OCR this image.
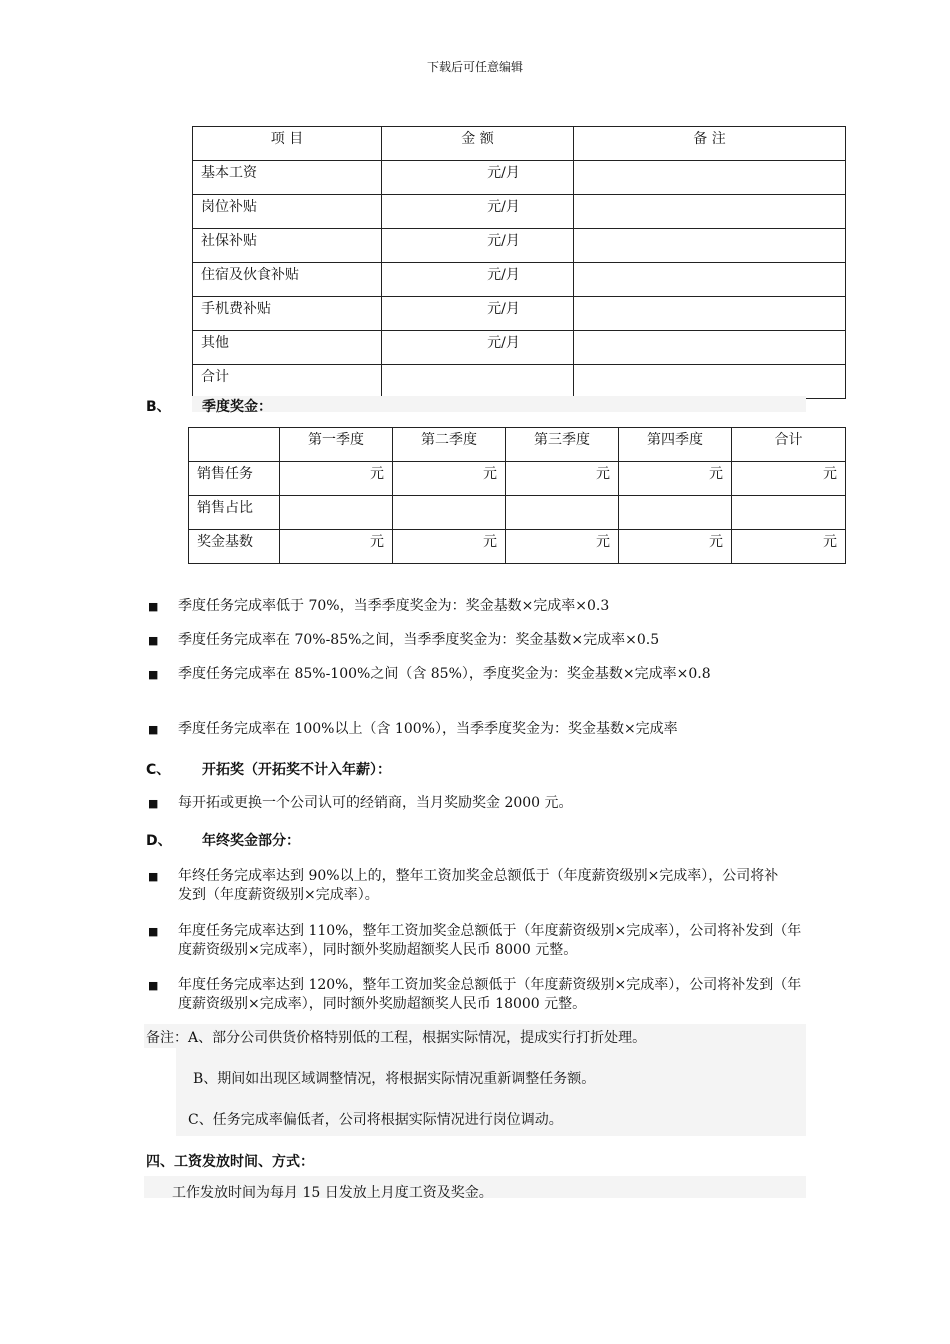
下载后可任意编辑
项 目	金 额	备 注
基本工资	元/月	
岗位补贴	元/月	
社保补贴	元/月	
住宿及伙食补贴	元/月	
手机费补贴	元/月	
其他	元/月	
合计		
B、 季度奖金：
	第一季度	第二季度	第三季度	第四季度	合计
销售任务	元	元	元	元	元
销售占比					
奖金基数	元	元	元	元	元
■ 季度任务完成率低于 70%，当季季度奖金为：奖金基数×完成率×0.3
■ 季度任务完成率在 70%-85%之间，当季季度奖金为：奖金基数×完成率×0.5
■ 季度任务完成率在 85%-100%之间（含 85%），季度奖金为：奖金基数×完成率×0.8
■ 季度任务完成率在 100%以上（含 100%），当季季度奖金为：奖金基数×完成率
C、 开拓奖（开拓奖不计入年薪）：
■ 每开拓或更换一个公司认可的经销商，当月奖励奖金 2000 元。
D、 年终奖金部分：
■ 年终任务完成率达到 90%以上的，整年工资加奖金总额低于（年度薪资级别×完成率），公司将补发到（年度薪资级别×完成率）。
■ 年度任务完成率达到 110%，整年工资加奖金总额低于（年度薪资级别×完成率），公司将补发到（年度薪资级别×完成率），同时额外奖励超额奖人民币 8000 元整。
■ 年度任务完成率达到 120%，整年工资加奖金总额低于（年度薪资级别×完成率），公司将补发到（年度薪资级别×完成率），同时额外奖励超额奖人民币 18000 元整。
备注：A、部分公司供货价格特别低的工程，根据实际情况，提成实行打折处理。
B、期间如出现区域调整情况，将根据实际情况重新调整任务额。
C、任务完成率偏低者，公司将根据实际情况进行岗位调动。
四、工资发放时间、方式：
工作发放时间为每月 15 日发放上月度工资及奖金。
